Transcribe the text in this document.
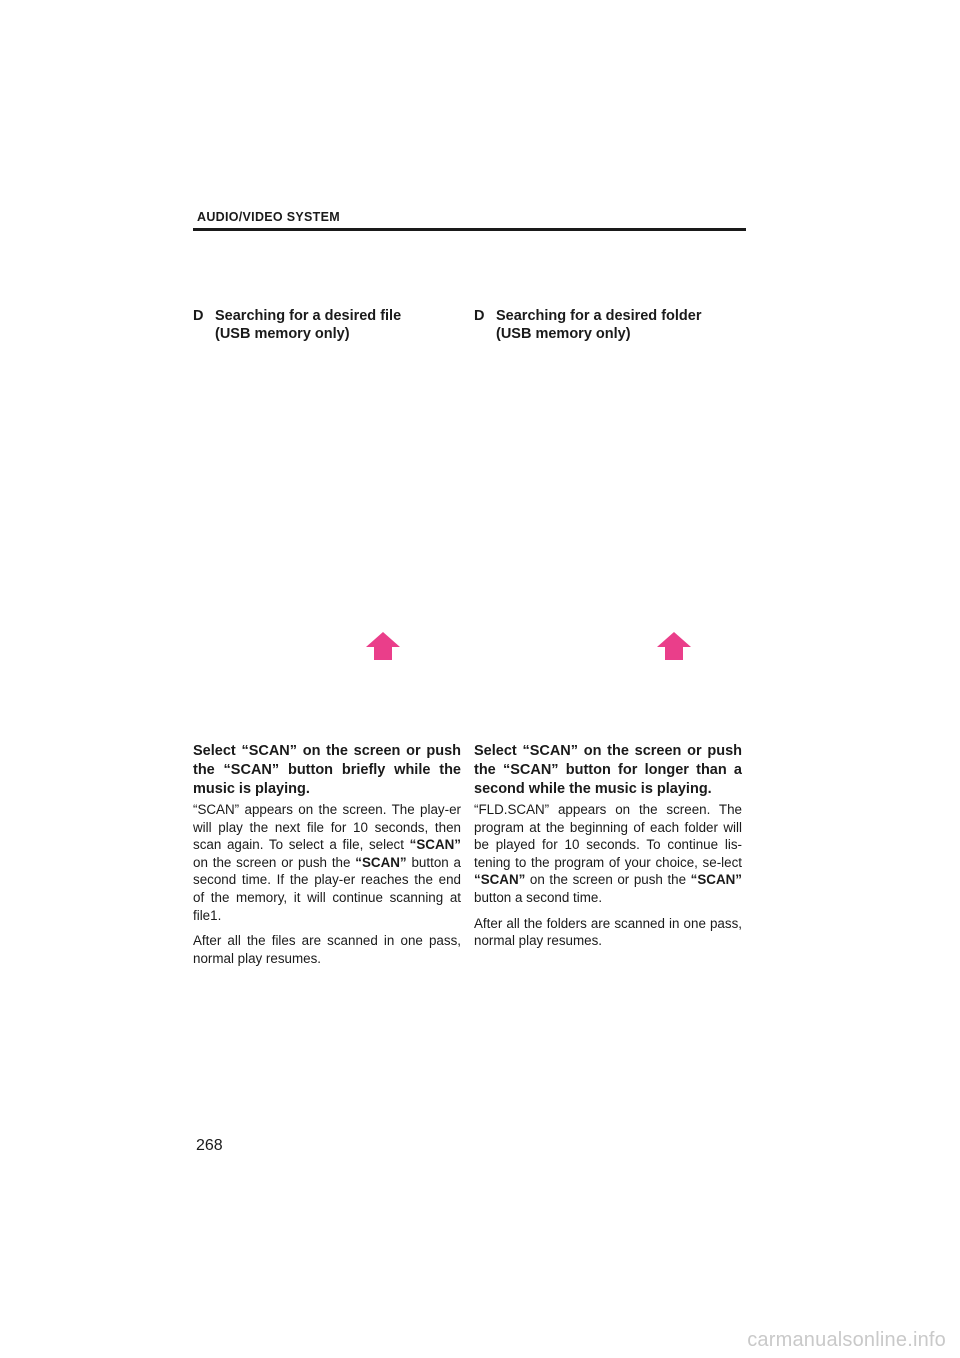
AUDIO/VIDEO SYSTEM
D Searching for a desired file
(USB memory only)
Select “SCAN” on the screen or push the “SCAN” button briefly while the music is playing.

“SCAN” appears on the screen. The play-er will play the next file for 10 seconds, then scan again. To select a file, select “SCAN” on the screen or push the “SCAN” button a second time. If the play-er reaches the end of the memory, it will continue scanning at file1.

After all the files are scanned in one pass, normal play resumes.

D Searching for a desired folder
(USB memory only)
Select “SCAN” on the screen or push the “SCAN” button for longer than a second while the music is playing.

“FLD.SCAN” appears on the screen. The program at the beginning of each folder will be played for 10 seconds. To continue lis-tening to the program of your choice, se-lect “SCAN” on the screen or push the “SCAN” button a second time.

After all the folders are scanned in one pass, normal play resumes.

268
carmanualsonline.info
